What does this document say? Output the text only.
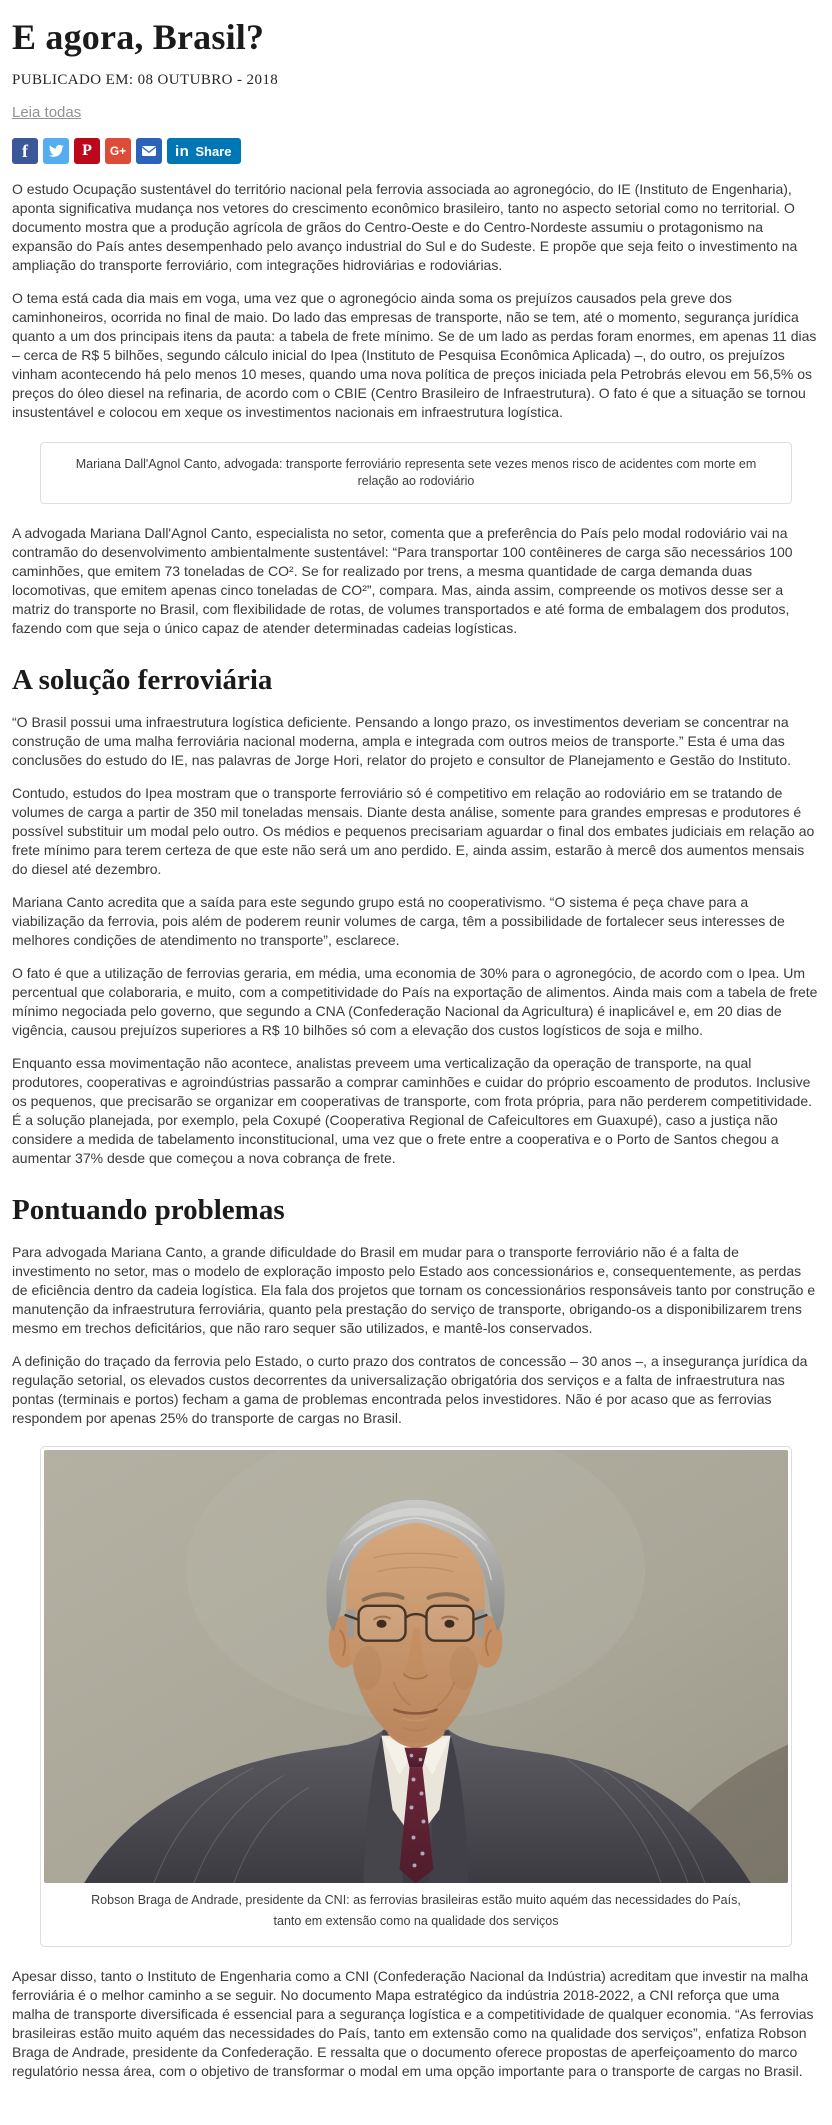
E agora, Brasil?
PUBLICADO EM: 08 OUTUBRO - 2018
Leia todas
f	P G+	in Share

O estudo Ocupação sustentável do território nacional pela ferrovia associada ao agronegócio, do IE (Instituto de Engenharia), aponta significativa mudança nos vetores do crescimento econômico brasileiro, tanto no aspecto setorial como no territorial. O documento mostra que a produção agrícola de grãos do Centro-Oeste e do Centro-Nordeste assumiu o protagonismo na expansão do País antes desempenhado pelo avanço industrial do Sul e do Sudeste. E propõe que seja feito o investimento na ampliação do transporte ferroviário, com integrações hidroviárias e rodoviárias.

O tema está cada dia mais em voga, uma vez que o agronegócio ainda soma os prejuízos causados pela greve dos caminhoneiros, ocorrida no final de maio. Do lado das empresas de transporte, não se tem, até o momento, segurança jurídica quanto a um dos principais itens da pauta: a tabela de frete mínimo. Se de um lado as perdas foram enormes, em apenas 11 dias – cerca de R$ 5 bilhões, segundo cálculo inicial do Ipea (Instituto de Pesquisa Econômica Aplicada) –, do outro, os prejuízos vinham acontecendo há pelo menos 10 meses, quando uma nova política de preços iniciada pela Petrobrás elevou em 56,5% os preços do óleo diesel na refinaria, de acordo com o CBIE (Centro Brasileiro de Infraestrutura). O fato é que a situação se tornou insustentável e colocou em xeque os investimentos nacionais em infraestrutura logística.

Mariana Dall'Agnol Canto, advogada: transporte ferroviário representa sete vezes menos risco de acidentes com morte em relação ao rodoviário

A advogada Mariana Dall'Agnol Canto, especialista no setor, comenta que a preferência do País pelo modal rodoviário vai na contramão do desenvolvimento ambientalmente sustentável: “Para transportar 100 contêineres de carga são necessários 100 caminhões, que emitem 73 toneladas de CO². Se for realizado por trens, a mesma quantidade de carga demanda duas locomotivas, que emitem apenas cinco toneladas de CO²”, compara. Mas, ainda assim, compreende os motivos desse ser a matriz do transporte no Brasil, com flexibilidade de rotas, de volumes transportados e até forma de embalagem dos produtos, fazendo com que seja o único capaz de atender determinadas cadeias logísticas.

A solução ferroviária

“O Brasil possui uma infraestrutura logística deficiente. Pensando a longo prazo, os investimentos deveriam se concentrar na construção de uma malha ferroviária nacional moderna, ampla e integrada com outros meios de transporte.” Esta é uma das conclusões do estudo do IE, nas palavras de Jorge Hori, relator do projeto e consultor de Planejamento e Gestão do Instituto.

Contudo, estudos do Ipea mostram que o transporte ferroviário só é competitivo em relação ao rodoviário em se tratando de volumes de carga a partir de 350 mil toneladas mensais. Diante desta análise, somente para grandes empresas e produtores é possível substituir um modal pelo outro. Os médios e pequenos precisariam aguardar o final dos embates judiciais em relação ao frete mínimo para terem certeza de que este não será um ano perdido. E, ainda assim, estarão à mercê dos aumentos mensais do diesel até dezembro.

Mariana Canto acredita que a saída para este segundo grupo está no cooperativismo. “O sistema é peça chave para a viabilização da ferrovia, pois além de poderem reunir volumes de carga, têm a possibilidade de fortalecer seus interesses de melhores condições de atendimento no transporte”, esclarece.

O fato é que a utilização de ferrovias geraria, em média, uma economia de 30% para o agronegócio, de acordo com o Ipea. Um percentual que colaboraria, e muito, com a competitividade do País na exportação de alimentos. Ainda mais com a tabela de frete mínimo negociada pelo governo, que segundo a CNA (Confederação Nacional da Agricultura) é inaplicável e, em 20 dias de vigência, causou prejuízos superiores a R$ 10 bilhões só com a elevação dos custos logísticos de soja e milho.

Enquanto essa movimentação não acontece, analistas preveem uma verticalização da operação de transporte, na qual produtores, cooperativas e agroindústrias passarão a comprar caminhões e cuidar do próprio escoamento de produtos. Inclusive os pequenos, que precisarão se organizar em cooperativas de transporte, com frota própria, para não perderem competitividade. É a solução planejada, por exemplo, pela Coxupé (Cooperativa Regional de Cafeicultores em Guaxupé), caso a justiça não considere a medida de tabelamento inconstitucional, uma vez que o frete entre a cooperativa e o Porto de Santos chegou a aumentar 37% desde que começou a nova cobrança de frete.

Pontuando problemas

Para advogada Mariana Canto, a grande dificuldade do Brasil em mudar para o transporte ferroviário não é a falta de investimento no setor, mas o modelo de exploração imposto pelo Estado aos concessionários e, consequentemente, as perdas de eficiência dentro da cadeia logística. Ela fala dos projetos que tornam os concessionários responsáveis tanto por construção e manutenção da infraestrutura ferroviária, quanto pela prestação do serviço de transporte, obrigando-os a disponibilizarem trens mesmo em trechos deficitários, que não raro sequer são utilizados, e mantê-los conservados.

A definição do traçado da ferrovia pelo Estado, o curto prazo dos contratos de concessão – 30 anos –, a insegurança jurídica da regulação setorial, os elevados custos decorrentes da universalização obrigatória dos serviços e a falta de infraestrutura nas pontas (terminais e portos) fecham a gama de problemas encontrada pelos investidores. Não é por acaso que as ferrovias respondem por apenas 25% do transporte de cargas no Brasil.

Robson Braga de Andrade, presidente da CNI: as ferrovias brasileiras estão muito aquém das necessidades do País, tanto em extensão como na qualidade dos serviços

Apesar disso, tanto o Instituto de Engenharia como a CNI (Confederação Nacional da Indústria) acreditam que investir na malha ferroviária é o melhor caminho a se seguir. No documento Mapa estratégico da indústria 2018-2022, a CNI reforça que uma malha de transporte diversificada é essencial para a segurança logística e a competitividade de qualquer economia. “As ferrovias brasileiras estão muito aquém das necessidades do País, tanto em extensão como na qualidade dos serviços”, enfatiza Robson Braga de Andrade, presidente da Confederação. E ressalta que o documento oferece propostas de aperfeiçoamento do marco regulatório nessa área, com o objetivo de transformar o modal em uma opção importante para o transporte de cargas no Brasil.
